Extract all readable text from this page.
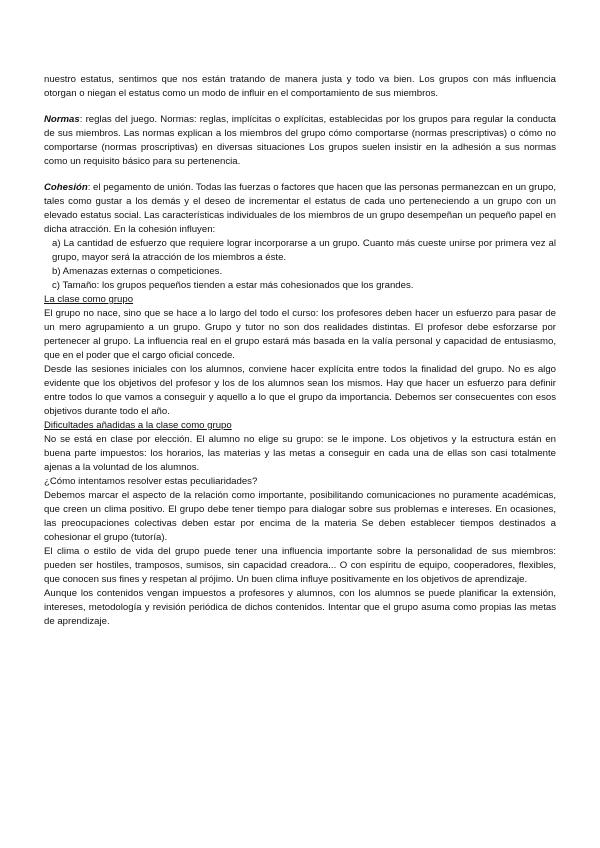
nuestro estatus, sentimos que nos están tratando de manera justa y todo va bien. Los grupos con más influencia otorgan o niegan el estatus como un modo de influir en el comportamiento de sus miembros.

Normas: reglas del juego. Normas: reglas, implícitas o explícitas, establecidas por los grupos para regular la conducta de sus miembros. Las normas explican a los miembros del grupo cómo comportarse (normas prescriptivas) o cómo no comportarse (normas proscriptivas) en diversas situaciones Los grupos suelen insistir en la adhesión a sus normas como un requisito básico para su pertenencia.

Cohesión: el pegamento de unión. Todas las fuerzas o factores que hacen que las personas permanezcan en un grupo, tales como gustar a los demás y el deseo de incrementar el estatus de cada uno perteneciendo a un grupo con un elevado estatus social. Las características individuales de los miembros de un grupo desempeñan un pequeño papel en dicha atracción. En la cohesión influyen:

a) La cantidad de esfuerzo que requiere lograr incorporarse a un grupo. Cuanto más cueste unirse por primera vez al grupo, mayor será la atracción de los miembros a éste.

b) Amenazas externas o competiciones.

c) Tamaño: los grupos pequeños tienden a estar más cohesionados que los grandes.

La clase como grupo

El grupo no nace, sino que se hace a lo largo del todo el curso: los profesores deben hacer un esfuerzo para pasar de un mero agrupamiento a un grupo. Grupo y tutor no son dos realidades distintas. El profesor debe esforzarse por pertenecer al grupo. La influencia real en el grupo estará más basada en la valía personal y capacidad de entusiasmo, que en el poder que el cargo oficial concede.

Desde las sesiones iniciales con los alumnos, conviene hacer explícita entre todos la finalidad del grupo. No es algo evidente que los objetivos del profesor y los de los alumnos sean los mismos. Hay que hacer un esfuerzo para definir entre todos lo que vamos a conseguir y aquello a lo que el grupo da importancia. Debemos ser consecuentes con esos objetivos durante todo el año.

Dificultades añadidas a la clase como grupo

No se está en clase por elección. El alumno no elige su grupo: se le impone. Los objetivos y la estructura están en buena parte impuestos: los horarios, las materias y las metas a conseguir en cada una de ellas son casi totalmente ajenas a la voluntad de los alumnos.

¿Cómo intentamos resolver estas peculiaridades?

Debemos marcar el aspecto de la relación como importante, posibilitando comunicaciones no puramente académicas, que creen un clima positivo. El grupo debe tener tiempo para dialogar sobre sus problemas e intereses. En ocasiones, las preocupaciones colectivas deben estar por encima de la materia Se deben establecer tiempos destinados a cohesionar el grupo (tutoría).

El clima o estilo de vida del grupo puede tener una influencia importante sobre la personalidad de sus miembros: pueden ser hostiles, tramposos, sumisos, sin capacidad creadora... O con espíritu de equipo, cooperadores, flexibles, que conocen sus fines y respetan al prójimo. Un buen clima influye positivamente en los objetivos de aprendizaje.

Aunque los contenidos vengan impuestos a profesores y alumnos, con los alumnos se puede planificar la extensión, intereses, metodología y revisión periódica de dichos contenidos. Intentar que el grupo asuma como propias las metas de aprendizaje.
